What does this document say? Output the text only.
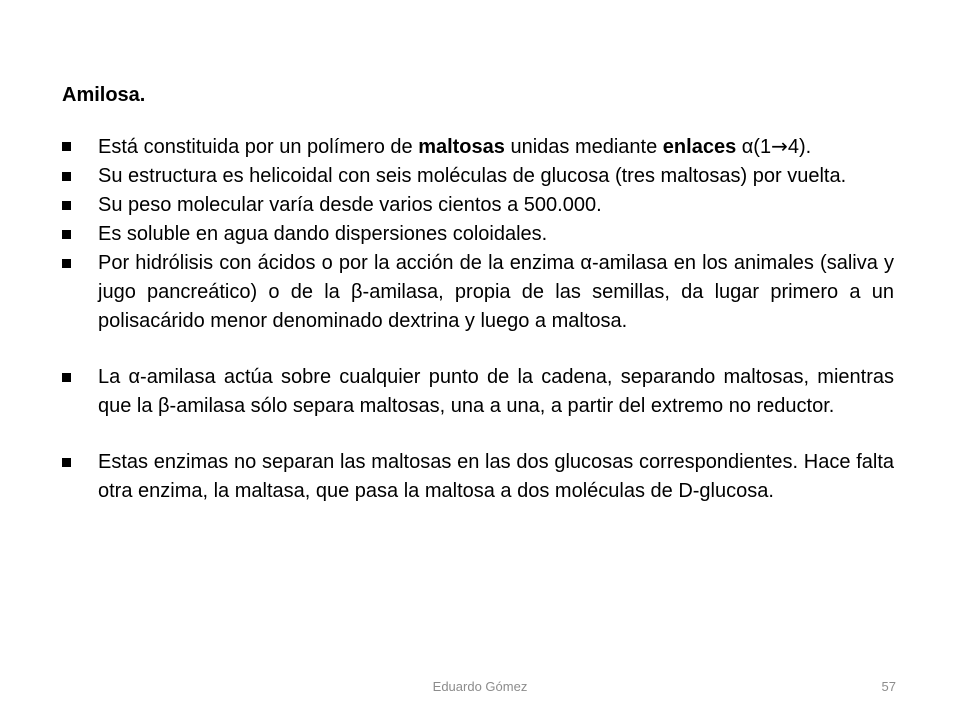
Amilosa.
Está constituida por un polímero de maltosas unidas mediante enlaces α(1→4).
Su estructura es helicoidal con seis moléculas de glucosa (tres maltosas) por vuelta.
Su peso molecular varía desde varios cientos a 500.000.
Es soluble en agua dando dispersiones coloidales.
Por hidrólisis con ácidos o por la acción de la enzima α-amilasa en los animales (saliva y jugo pancreático) o de la β-amilasa, propia de las semillas, da lugar primero a un polisacárido menor denominado dextrina y luego a maltosa.
La α-amilasa actúa sobre cualquier punto de la cadena, separando maltosas, mientras que la β-amilasa sólo separa maltosas, una a una, a partir del extremo no reductor.
Estas enzimas no separan las maltosas en las dos glucosas correspondientes. Hace falta otra enzima, la maltasa, que pasa la maltosa a dos moléculas de D-glucosa.
Eduardo Gómez	57
